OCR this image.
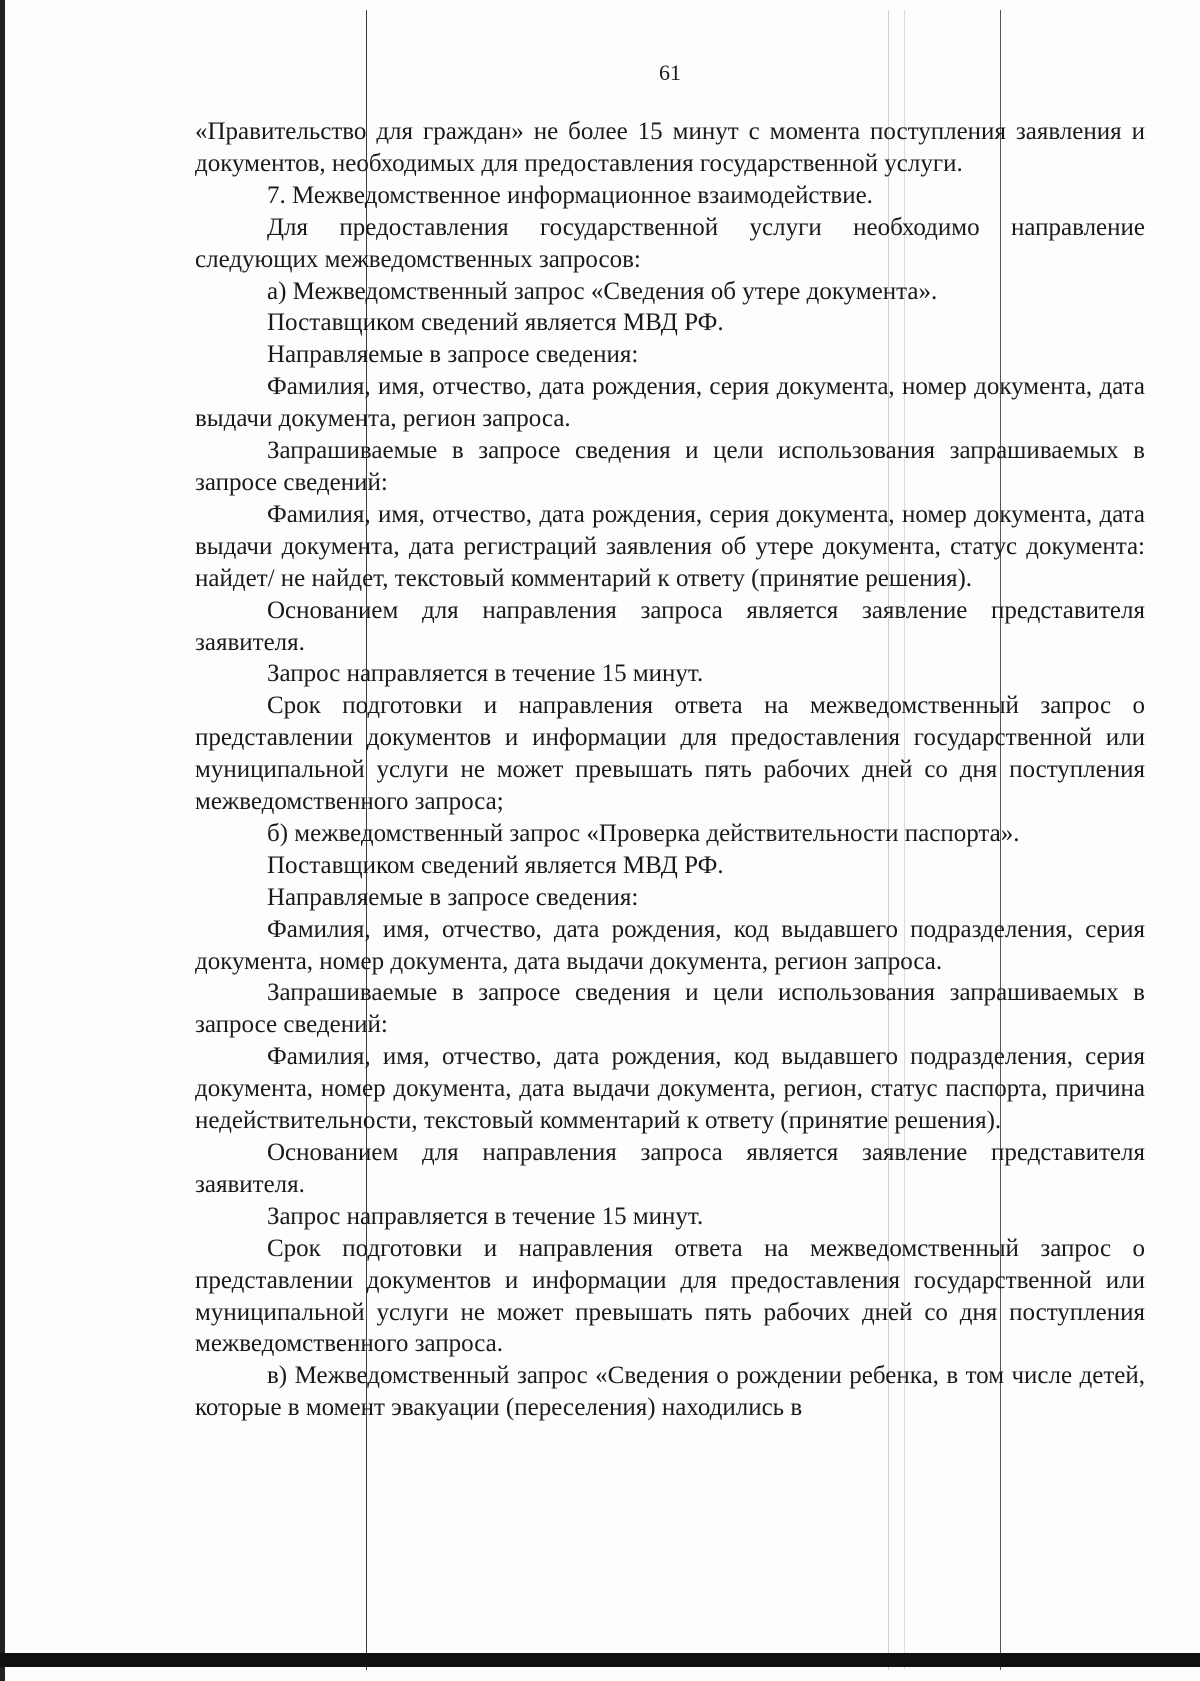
61

«Правительство для граждан» не более 15 минут с момента поступления заявления и документов, необходимых для предоставления государственной услуги.

7. Межведомственное информационное взаимодействие.

Для предоставления государственной услуги необходимо направление следующих межведомственных запросов:

а) Межведомственный запрос «Сведения об утере документа».

Поставщиком сведений является МВД РФ.

Направляемые в запросе сведения:

Фамилия, имя, отчество, дата рождения, серия документа, номер документа, дата выдачи документа, регион запроса.

Запрашиваемые в запросе сведения и цели использования запрашиваемых в запросе сведений:

Фамилия, имя, отчество, дата рождения, серия документа, номер документа, дата выдачи документа, дата регистраций заявления об утере документа, статус документа: найдет/ не найдет, текстовый комментарий к ответу (принятие решения).

Основанием для направления запроса является заявление представителя заявителя.

Запрос направляется в течение 15 минут.

Срок подготовки и направления ответа на межведомственный запрос о представлении документов и информации для предоставления государственной или муниципальной услуги не может превышать пять рабочих дней со дня поступления межведомственного запроса;

б) межведомственный запрос «Проверка действительности паспорта».

Поставщиком сведений является МВД РФ.

Направляемые в запросе сведения:

Фамилия, имя, отчество, дата рождения, код выдавшего подразделения, серия документа, номер документа, дата выдачи документа, регион запроса.

Запрашиваемые в запросе сведения и цели использования запрашиваемых в запросе сведений:

Фамилия, имя, отчество, дата рождения, код выдавшего подразделения, серия документа, номер документа, дата выдачи документа, регион, статус паспорта, причина недействительности, текстовый комментарий к ответу (принятие решения).

Основанием для направления запроса является заявление представителя заявителя.

Запрос направляется в течение 15 минут.

Срок подготовки и направления ответа на межведомственный запрос о представлении документов и информации для предоставления государственной или муниципальной услуги не может превышать пять рабочих дней со дня поступления межведомственного запроса.

в) Межведомственный запрос «Сведения о рождении ребенка, в том числе детей, которые в момент эвакуации (переселения) находились в
